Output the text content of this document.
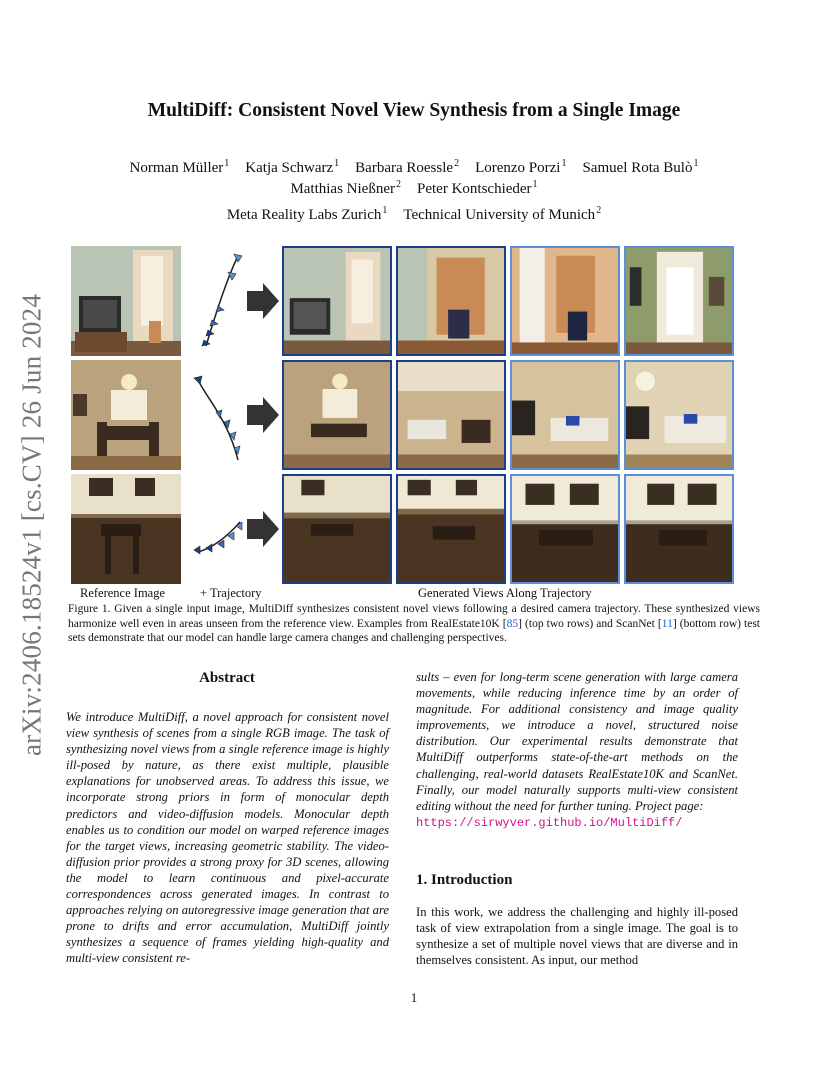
arXiv:2406.18524v1 [cs.CV] 26 Jun 2024
MultiDiff: Consistent Novel View Synthesis from a Single Image
Norman Müller$^1$ Katja Schwarz$^1$ Barbara Roessle$^2$ Lorenzo Porzi$^1$ Samuel Rota Bulò$^1$
Matthias Nießner$^2$ Peter Kontschieder$^1$
Meta Reality Labs Zurich$^1$ Technical University of Munich$^2$
Reference Image	+ Trajectory	Generated Views Along Trajectory
Figure 1. Given a single input image, MultiDiff synthesizes consistent novel views following a desired camera trajectory. These synthesized views harmonize well even in areas unseen from the reference view. Examples from RealEstate10K [85] (top two rows) and ScanNet [11] (bottom row) test sets demonstrate that our model can handle large camera changes and challenging perspectives.
Abstract

We introduce MultiDiff, a novel approach for consistent novel view synthesis of scenes from a single RGB image. The task of synthesizing novel views from a single reference image is highly ill-posed by nature, as there exist multiple, plausible explanations for unobserved areas. To address this issue, we incorporate strong priors in form of monocular depth predictors and video-diffusion models. Monocular depth enables us to condition our model on warped reference images for the target views, increasing geometric stability. The video-diffusion prior provides a strong proxy for 3D scenes, allowing the model to learn continuous and pixel-accurate correspondences across generated images. In contrast to approaches relying on autoregressive image generation that are prone to drifts and error accumulation, MultiDiff jointly synthesizes a sequence of frames yielding high-quality and multi-view consistent re-

sults – even for long-term scene generation with large camera movements, while reducing inference time by an order of magnitude. For additional consistency and image quality improvements, we introduce a novel, structured noise distribution. Our experimental results demonstrate that MultiDiff outperforms state-of-the-art methods on the challenging, real-world datasets RealEstate10K and ScanNet. Finally, our model naturally supports multi-view consistent editing without the need for further tuning. Project page:
https://sirwyver.github.io/MultiDiff/

1. Introduction

In this work, we address the challenging and highly ill-posed task of view extrapolation from a single image. The goal is to synthesize a set of multiple novel views that are diverse and in themselves consistent. As input, our method

1
